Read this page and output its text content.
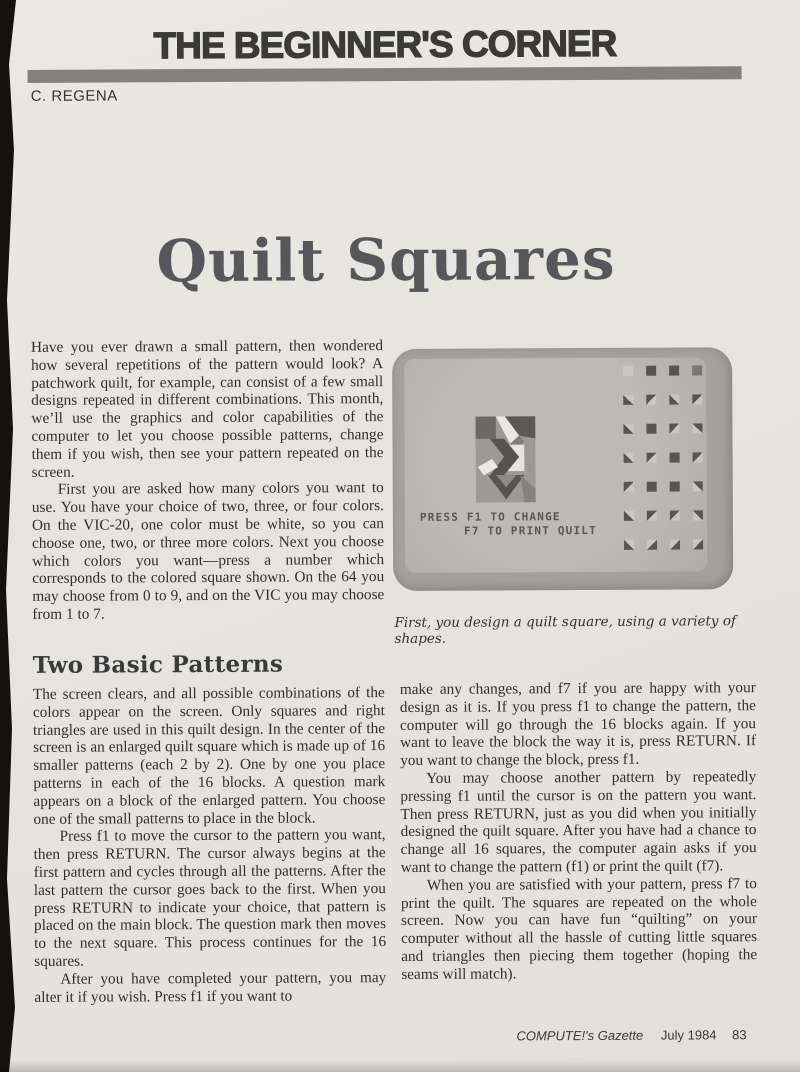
THE BEGINNER'S CORNER
C. REGENA
Quilt Squares

Have you ever drawn a small pattern, then wondered how several repetitions of the pattern would look? A patchwork quilt, for example, can consist of a few small designs repeated in different combinations. This month, we’ll use the graphics and color capabilities of the computer to let you choose possible patterns, change them if you wish, then see your pattern repeated on the screen.

First you are asked how many colors you want to use. You have your choice of two, three, or four colors. On the VIC-20, one color must be white, so you can choose one, two, or three more colors. Next you choose which colors you want—press a number which corresponds to the colored square shown. On the 64 you may choose from 0 to 9, and on the VIC you may choose from 1 to 7.

PRESS F1 TO CHANGE
F7 TO PRINT QUILT
First, you design a quilt square, using a variety of shapes.
Two Basic Patterns

The screen clears, and all possible combinations of the colors appear on the screen. Only squares and right triangles are used in this quilt design. In the center of the screen is an enlarged quilt square which is made up of 16 smaller patterns (each 2 by 2). One by one you place patterns in each of the 16 blocks. A question mark appears on a block of the enlarged pattern. You choose one of the small patterns to place in the block.

Press f1 to move the cursor to the pattern you want, then press RETURN. The cursor always begins at the first pattern and cycles through all the patterns. After the last pattern the cursor goes back to the first. When you press RETURN to indicate your choice, that pattern is placed on the main block. The question mark then moves to the next square. This process continues for the 16 squares.

After you have completed your pattern, you may alter it if you wish. Press f1 if you want to

make any changes, and f7 if you are happy with your design as it is. If you press f1 to change the pattern, the computer will go through the 16 blocks again. If you want to leave the block the way it is, press RETURN. If you want to change the block, press f1.

You may choose another pattern by repeatedly pressing f1 until the cursor is on the pattern you want. Then press RETURN, just as you did when you initially designed the quilt square. After you have had a chance to change all 16 squares, the computer again asks if you want to change the pattern (f1) or print the quilt (f7).

When you are satisfied with your pattern, press f7 to print the quilt. The squares are repeated on the whole screen. Now you can have fun “quilting” on your computer without all the hassle of cutting little squares and triangles then piecing them together (hoping the seams will match).

COMPUTE!'s Gazette July 1984 83
